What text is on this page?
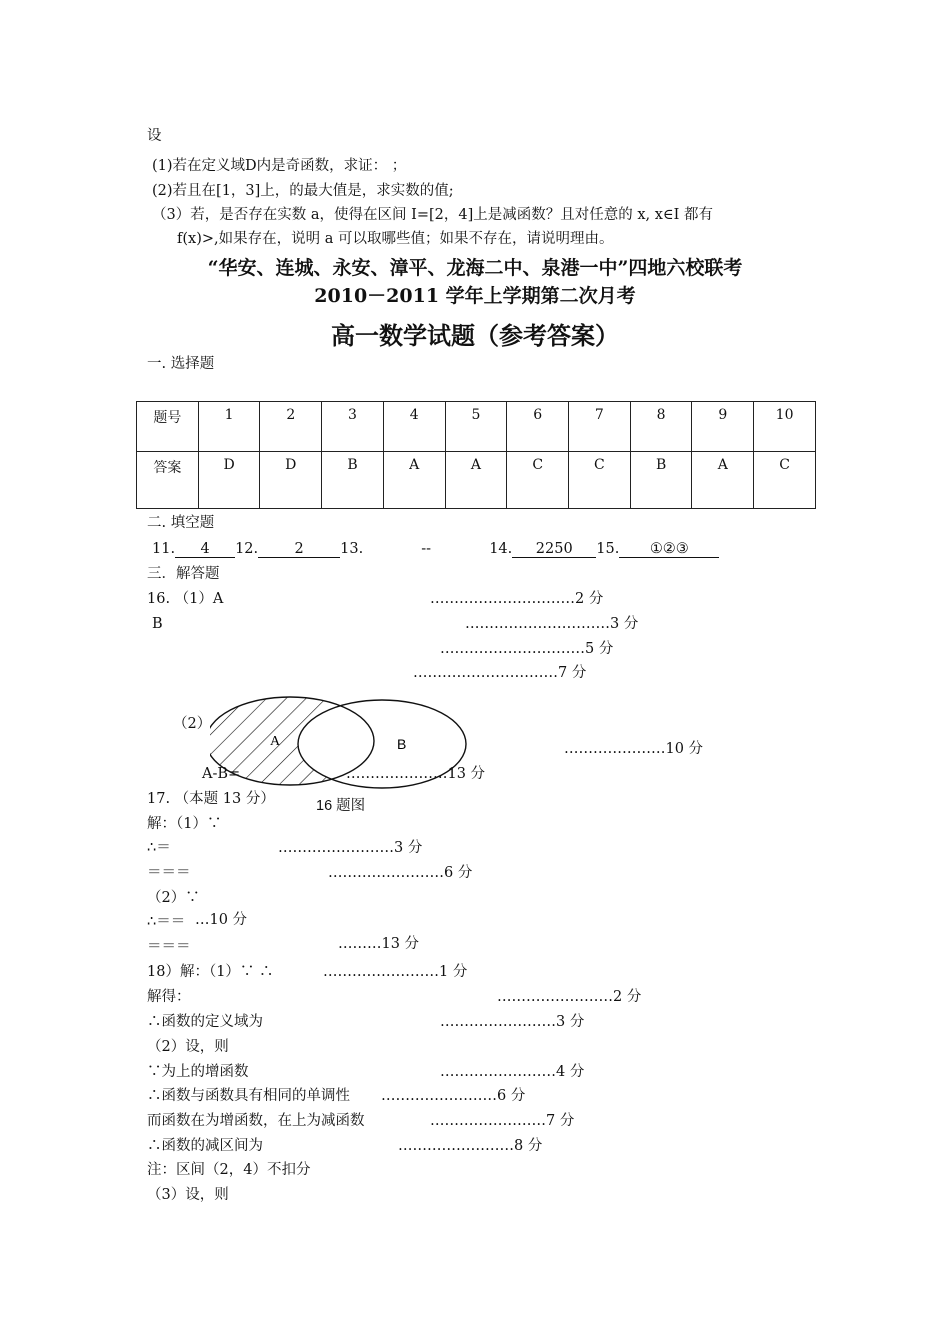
设
(1)若在定义域D内是奇函数，求证： ；
(2)若且在[1，3]上，的最大值是，求实数的值;
（3）若，是否存在实数 a，使得在区间 I=[2，4]上是减函数？且对任意的 x, x∈I 都有
f(x)>,如果存在，说明 a 可以取哪些值；如果不存在，请说明理由。
“华安、连城、永安、漳平、龙海二中、泉港一中”四地六校联考
2010－2011 学年上学期第二次月考
高一数学试题（参考答案）
一. 选择题
题号	1	2	3	4	5	6	7	8	9	10
答案	D	D	B	A	A	C	C	B	A	C
二. 填空题
11. 4 12.	2	13.	--	14. 2250 15. ①②③
三．解答题
16. （1）A	…………………………2 分
B	…………………………3 分
…………………………5 分
…………………………7 分
（2）
A	B	…………………10 分
A-B=	…………………13 分
16 题图
17. （本题 13 分）
解：（1）∵
∴＝	……………………3 分
＝＝＝	……………………6 分
（2）∵
∴＝＝ …10 分
＝＝＝	………13 分
18）解：（1）∵ ∴	……………………1 分
解得：	……………………2 分
∴函数的定义域为	……………………3 分
（2）设，则
∵为上的增函数	……………………4 分
∴函数与函数具有相同的单调性 ……………………6 分
而函数在为增函数，在上为减函数	……………………7 分
∴函数的减区间为	……………………8 分
注：区间（2，4）不扣分
（3）设，则
